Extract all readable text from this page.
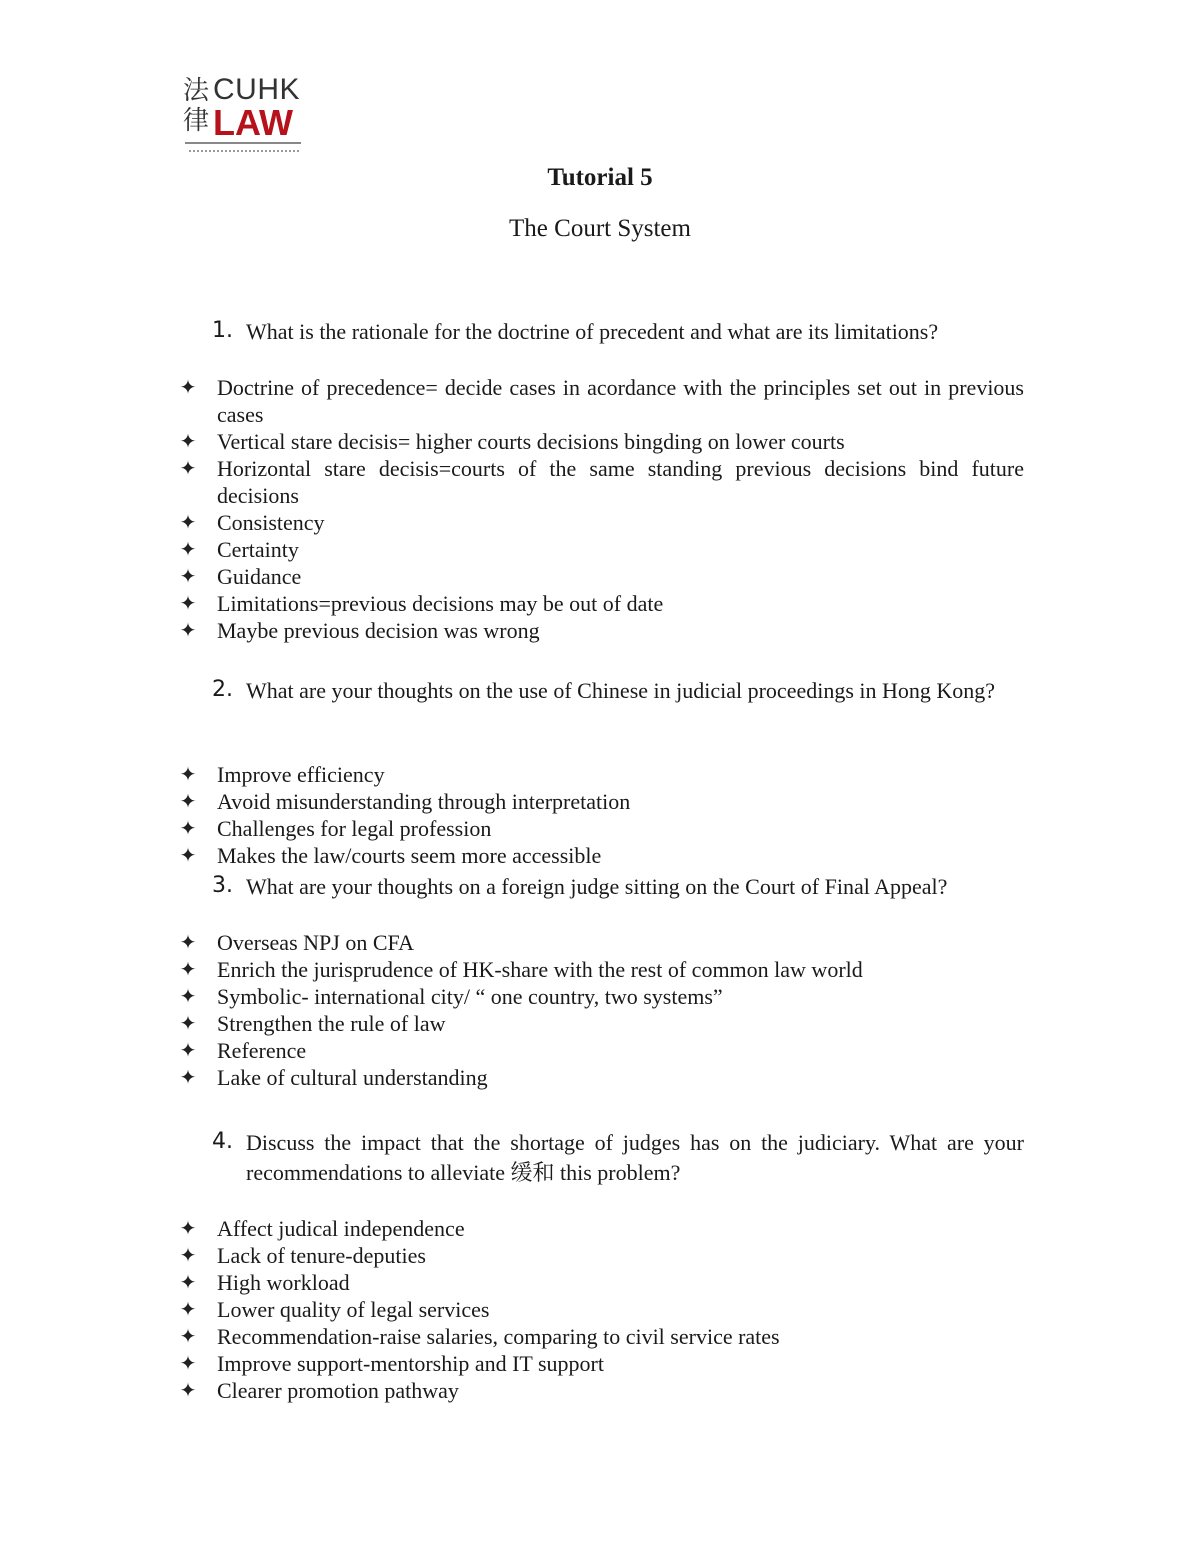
法律
CUHK
LAW
Tutorial 5
The Court System
1. What is the rationale for the doctrine of precedent and what are its limitations?
✦ Doctrine of precedence= decide cases in acordance with the principles set out in previous cases
✦ Vertical stare decisis= higher courts decisions bingding on lower courts
✦ Horizontal stare decisis=courts of the same standing previous decisions bind future decisions
✦ Consistency
✦ Certainty
✦ Guidance
✦ Limitations=previous decisions may be out of date
✦ Maybe previous decision was wrong
2. What are your thoughts on the use of Chinese in judicial proceedings in Hong Kong?
✦ Improve efficiency
✦ Avoid misunderstanding through interpretation
✦ Challenges for legal profession
✦ Makes the law/courts seem more accessible
3. What are your thoughts on a foreign judge sitting on the Court of Final Appeal?
✦ Overseas NPJ on CFA
✦ Enrich the jurisprudence of HK-share with the rest of common law world
✦ Symbolic- international city/ “ one country, two systems”
✦ Strengthen the rule of law
✦ Reference
✦ Lake of cultural understanding
4. Discuss the impact that the shortage of judges has on the judiciary. What are your recommendations to alleviate 缓和 this problem?
✦ Affect judical independence
✦ Lack of tenure-deputies
✦ High workload
✦ Lower quality of legal services
✦ Recommendation-raise salaries, comparing to civil service rates
✦ Improve support-mentorship and IT support
✦ Clearer promotion pathway
